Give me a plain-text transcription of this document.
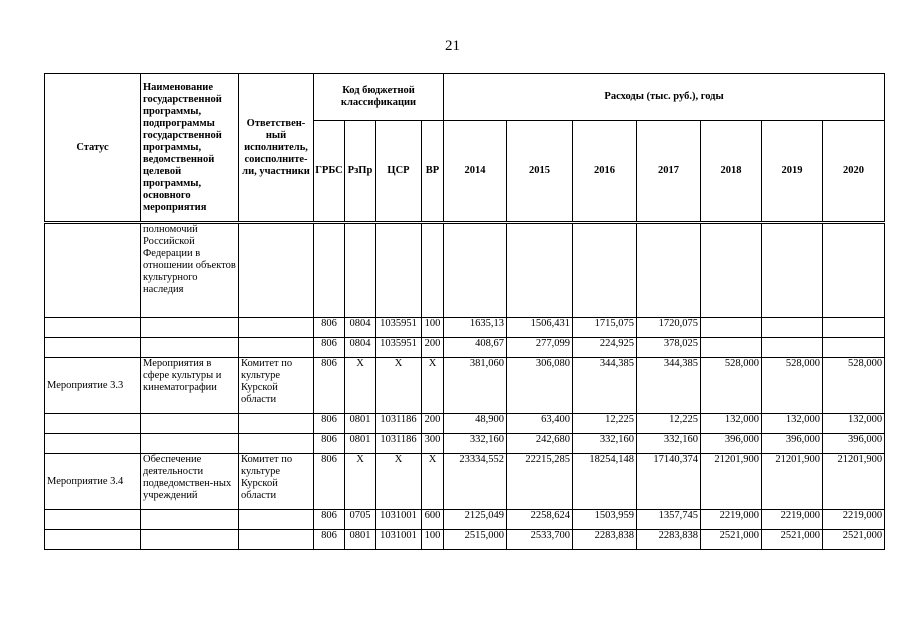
21
Статус	Наименование государственной программы, подпрограммы государственной программы, ведомственной целевой программы, основного мероприятия	Ответствен-ный исполнитель, соисполните-ли, участники	Код бюджетной классификации				Расходы (тыс. руб.), годы						
			ГРБС	РзПр	ЦСР	ВР	2014	2015	2016	2017	2018	2019	2020
	полномочий Российской Федерации в отношении объектов культурного наследия												
			806	0804	1035951	100	1635,13	1506,431	1715,075	1720,075			
			806	0804	1035951	200	408,67	277,099	224,925	378,025			
Мероприятие 3.3	Мероприятия в сфере культуры и кинематографии	Комитет по культуре Курской области	806	X	X	X	381,060	306,080	344,385	344,385	528,000	528,000	528,000
			806	0801	1031186	200	48,900	63,400	12,225	12,225	132,000	132,000	132,000
			806	0801	1031186	300	332,160	242,680	332,160	332,160	396,000	396,000	396,000
Мероприятие 3.4	Обеспечение деятельности подведомствен-ных учреждений	Комитет по культуре Курской области	806	X	X	X	23334,552	22215,285	18254,148	17140,374	21201,900	21201,900	21201,900
			806	0705	1031001	600	2125,049	2258,624	1503,959	1357,745	2219,000	2219,000	2219,000
			806	0801	1031001	100	2515,000	2533,700	2283,838	2283,838	2521,000	2521,000	2521,000
